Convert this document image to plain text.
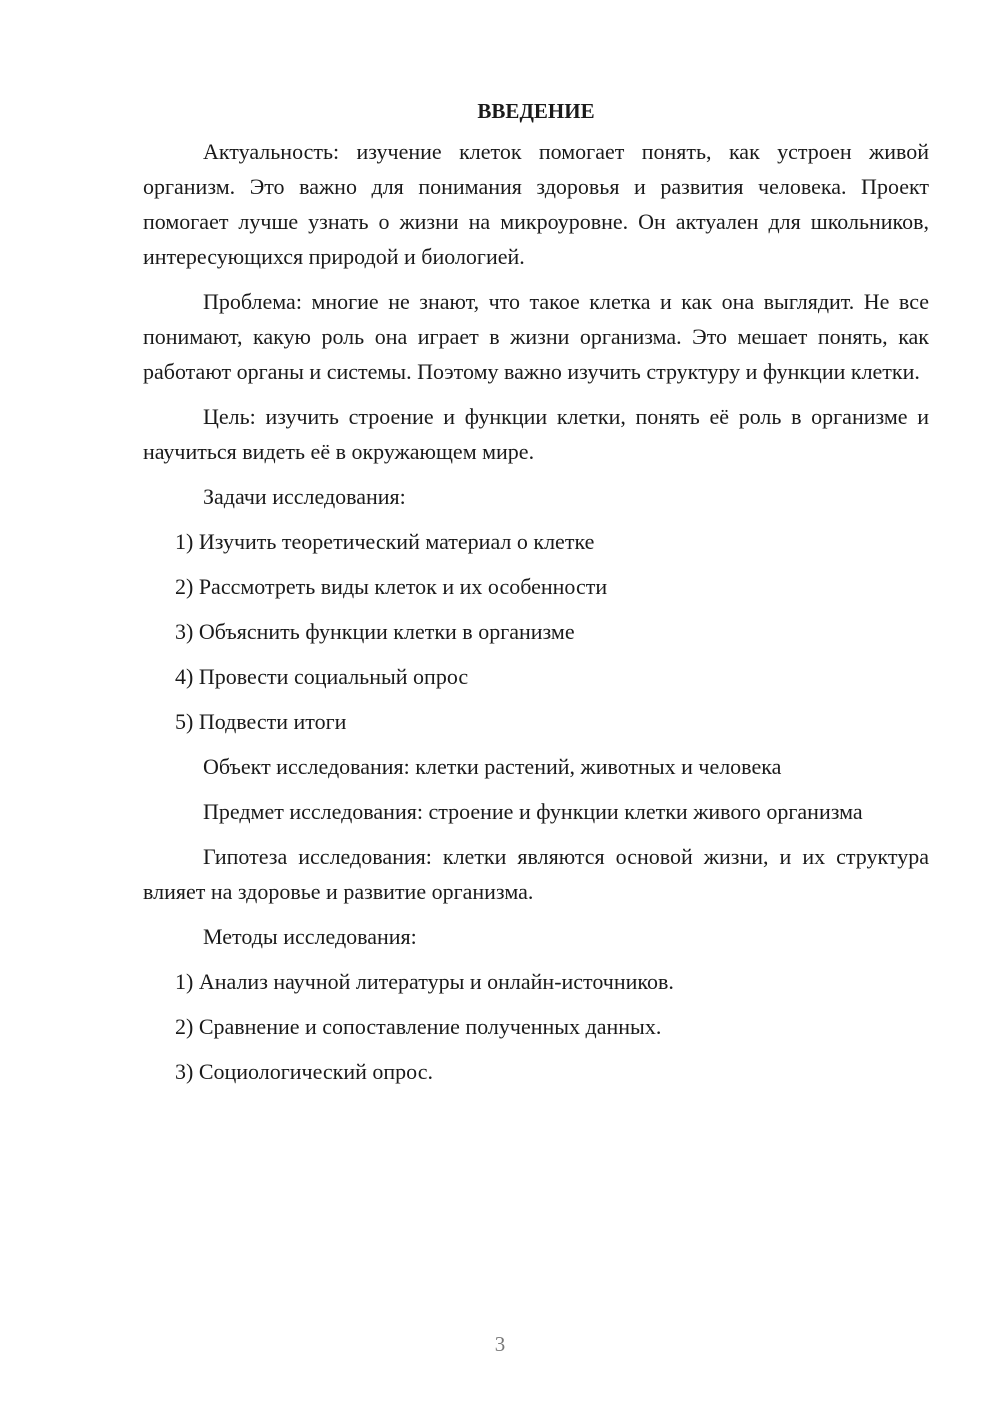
ВВЕДЕНИЕ
Актуальность: изучение клеток помогает понять, как устроен живой организм. Это важно для понимания здоровья и развития человека. Проект помогает лучше узнать о жизни на микроуровне. Он актуален для школьников, интересующихся природой и биологией.
Проблема: многие не знают, что такое клетка и как она выглядит. Не все понимают, какую роль она играет в жизни организма. Это мешает понять, как работают органы и системы. Поэтому важно изучить структуру и функции клетки.
Цель: изучить строение и функции клетки, понять её роль в организме и научиться видеть её в окружающем мире.
Задачи исследования:
1) Изучить теоретический материал о клетке
2) Рассмотреть виды клеток и их особенности
3) Объяснить функции клетки в организме
4) Провести социальный опрос
5) Подвести итоги
Объект исследования: клетки растений, животных и человека
Предмет исследования: строение и функции клетки живого организма
Гипотеза исследования: клетки являются основой жизни, и их структура влияет на здоровье и развитие организма.
Методы исследования:
1) Анализ научной литературы и онлайн-источников.
2) Сравнение и сопоставление полученных данных.
3) Социологический опрос.
3
